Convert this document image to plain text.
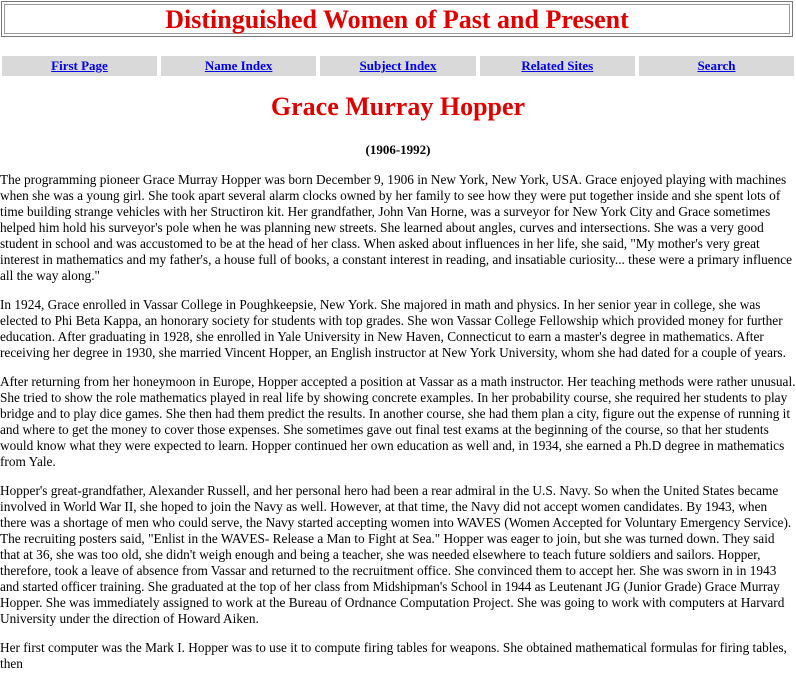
Distinguished Women of Past and Present
First Page	Name Index	Subject Index	Related Sites	Search
Grace Murray Hopper
(1906-1992)

The programming pioneer Grace Murray Hopper was born December 9, 1906 in New York, New York, USA. Grace enjoyed playing with machines when she was a young girl. She took apart several alarm clocks owned by her family to see how they were put together inside and she spent lots of time building strange vehicles with her Structiron kit. Her grandfather, John Van Horne, was a surveyor for New York City and Grace sometimes helped him hold his surveyor's pole when he was planning new streets. She learned about angles, curves and intersections. She was a very good student in school and was accustomed to be at the head of her class. When asked about influences in her life, she said, "My mother's very great interest in mathematics and my father's, a house full of books, a constant interest in reading, and insatiable curiosity... these were a primary influence all the way along."

In 1924, Grace enrolled in Vassar College in Poughkeepsie, New York. She majored in math and physics. In her senior year in college, she was elected to Phi Beta Kappa, an honorary society for students with top grades. She won Vassar College Fellowship which provided money for further education. After graduating in 1928, she enrolled in Yale University in New Haven, Connecticut to earn a master's degree in mathematics. After receiving her degree in 1930, she married Vincent Hopper, an English instructor at New York University, whom she had dated for a couple of years.

After returning from her honeymoon in Europe, Hopper accepted a position at Vassar as a math instructor. Her teaching methods were rather unusual. She tried to show the role mathematics played in real life by showing concrete examples. In her probability course, she required her students to play bridge and to play dice games. She then had them predict the results. In another course, she had them plan a city, figure out the expense of running it and where to get the money to cover those expenses. She sometimes gave out final test exams at the beginning of the course, so that her students would know what they were expected to learn. Hopper continued her own education as well and, in 1934, she earned a Ph.D degree in mathematics from Yale.

Hopper's great-grandfather, Alexander Russell, and her personal hero had been a rear admiral in the U.S. Navy. So when the United States became involved in World War II, she hoped to join the Navy as well. However, at that time, the Navy did not accept women candidates. By 1943, when there was a shortage of men who could serve, the Navy started accepting women into WAVES (Women Accepted for Voluntary Emergency Service). The recruiting posters said, "Enlist in the WAVES- Release a Man to Fight at Sea." Hopper was eager to join, but she was turned down. They said that at 36, she was too old, she didn't weigh enough and being a teacher, she was needed elsewhere to teach future soldiers and sailors. Hopper, therefore, took a leave of absence from Vassar and returned to the recruitment office. She convinced them to accept her. She was sworn in in 1943 and started officer training. She graduated at the top of her class from Midshipman's School in 1944 as Leutenant JG (Junior Grade) Grace Murray Hopper. She was immediately assigned to work at the Bureau of Ordnance Computation Project. She was going to work with computers at Harvard University under the direction of Howard Aiken.

Her first computer was the Mark I. Hopper was to use it to compute firing tables for weapons. She obtained mathematical formulas for firing tables, then
